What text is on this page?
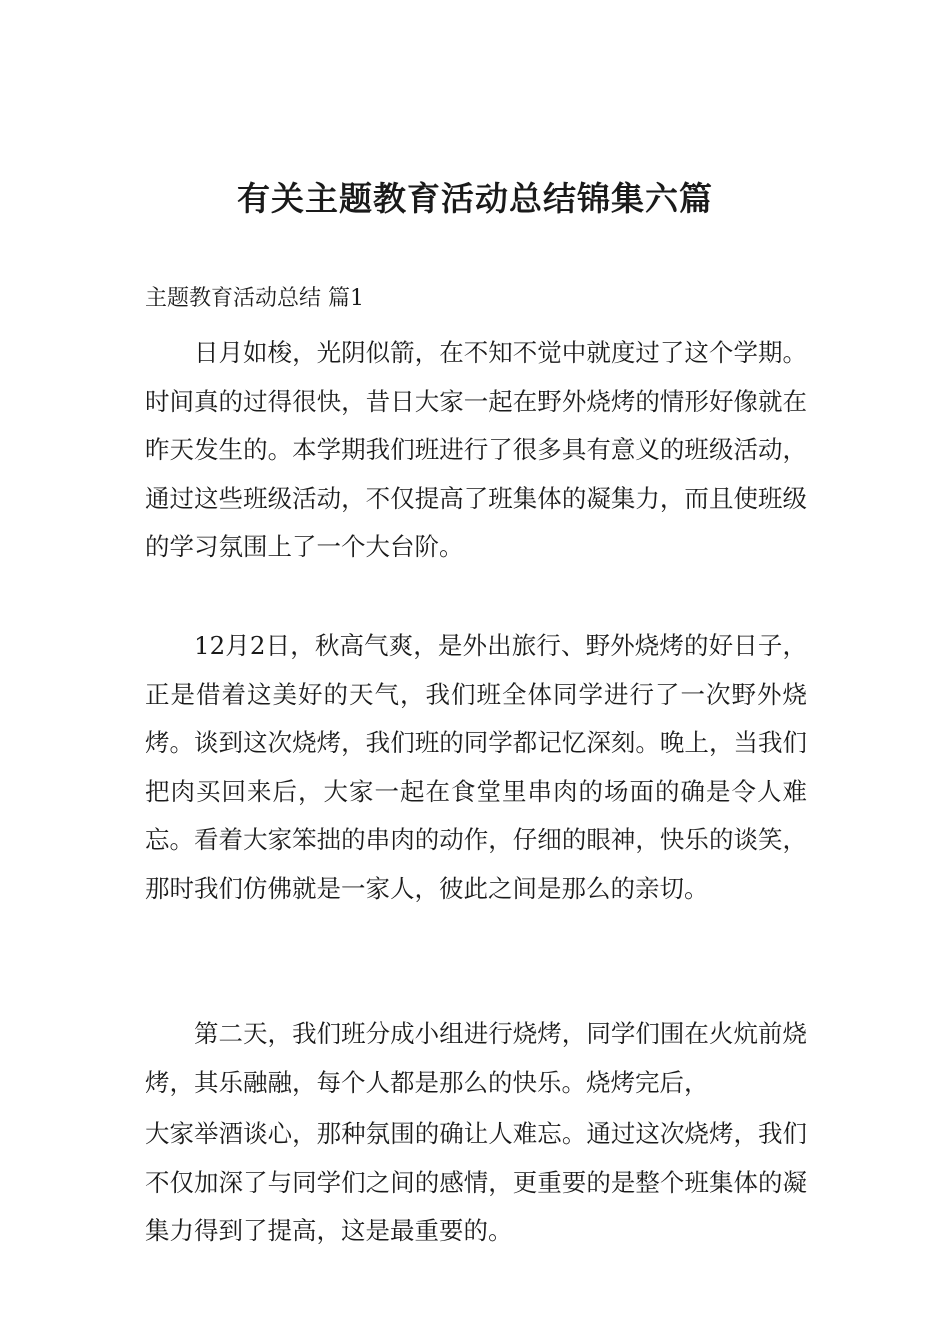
有关主题教育活动总结锦集六篇

主题教育活动总结 篇1

日月如梭，光阴似箭，在不知不觉中就度过了这个学期。时间真的过得很快，昔日大家一起在野外烧烤的情形好像就在昨天发生的。本学期我们班进行了很多具有意义的班级活动，通过这些班级活动，不仅提高了班集体的凝集力，而且使班级的学习氛围上了一个大台阶。

12月2日，秋高气爽，是外出旅行、野外烧烤的好日子，正是借着这美好的天气，我们班全体同学进行了一次野外烧烤。谈到这次烧烤，我们班的同学都记忆深刻。晚上，当我们把肉买回来后，大家一起在食堂里串肉的场面的确是令人难忘。看着大家笨拙的串肉的动作，仔细的眼神，快乐的谈笑，那时我们仿佛就是一家人，彼此之间是那么的亲切。

第二天，我们班分成小组进行烧烤，同学们围在火炕前烧烤，其乐融融，每个人都是那么的快乐。烧烤完后，

大家举酒谈心，那种氛围的确让人难忘。通过这次烧烤，我们不仅加深了与同学们之间的感情，更重要的是整个班集体的凝集力得到了提高，这是最重要的。
